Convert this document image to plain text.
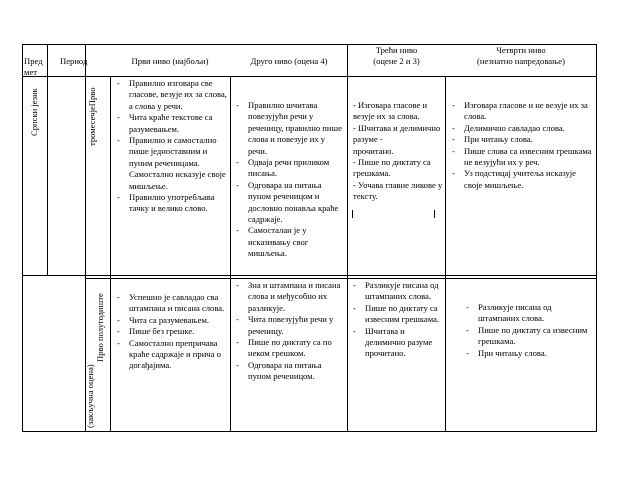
Предмет
Период	Први ниво (најбољи)	Друго ниво (оцена 4)
Трећи ниво
(оцене 2 и 3)
Четврти ниво
(незнатно напредовање)
Српски језик	тромесечјеПрво
- Правилно изговара све гласове, везује их за слова, а слова у речи.
- Чита краће текстове са разумевањем.
- Правилно и самостално пише једноставним и пуним реченицама. Самостално исказује своје мишљење.
- Правилно употребљава тачку и велико слово.
- Правилно шчитава повезујући речи у реченицу, правилно пише слова и повезује их у речи.
- Одваја речи приликом писања.
- Одговара на питања пуном реченицом и дословно понавља краће садржаје.
- Самосталан је у исказивању свог мишљења.
- Изговара гласове и везује их за слова.
- Шчитава и делимично разуме -
прочитано.
- Пише по диктату са грешкама.
- Уочава главне ликове у тексту.
- Изговара гласове и не везује их за слова.
- Делимично савладао слова.
- При читању слова.
- Пише слова са извесним грешкама не везујући их у реч.
- Уз подстицај учитеља исказује своје мишљење.
(закључна оцена)
Прво полугодиште
-	Успешно је савладао сва штампана и писана слова.
- Чита са разумевањем.
- Пише без грешке.
- Самостално препричава краће садржаје и прича о догађајима.
- Зна и штампана и писана слова и међусобно их разликује.
- Чита повезујући речи у реченицу.
- Пише по диктату са по неком грешком.
- Одговара на питања пуном реченицом.
- Разликује писана од штампаних слова.
- Пише по диктату са извесним грешкама.
- Шчитава и делимично разуме прочитано.
- Разликује писана од штампаних слова.
- Пише по диктату са извесним грешкама.
- При читању слова.
